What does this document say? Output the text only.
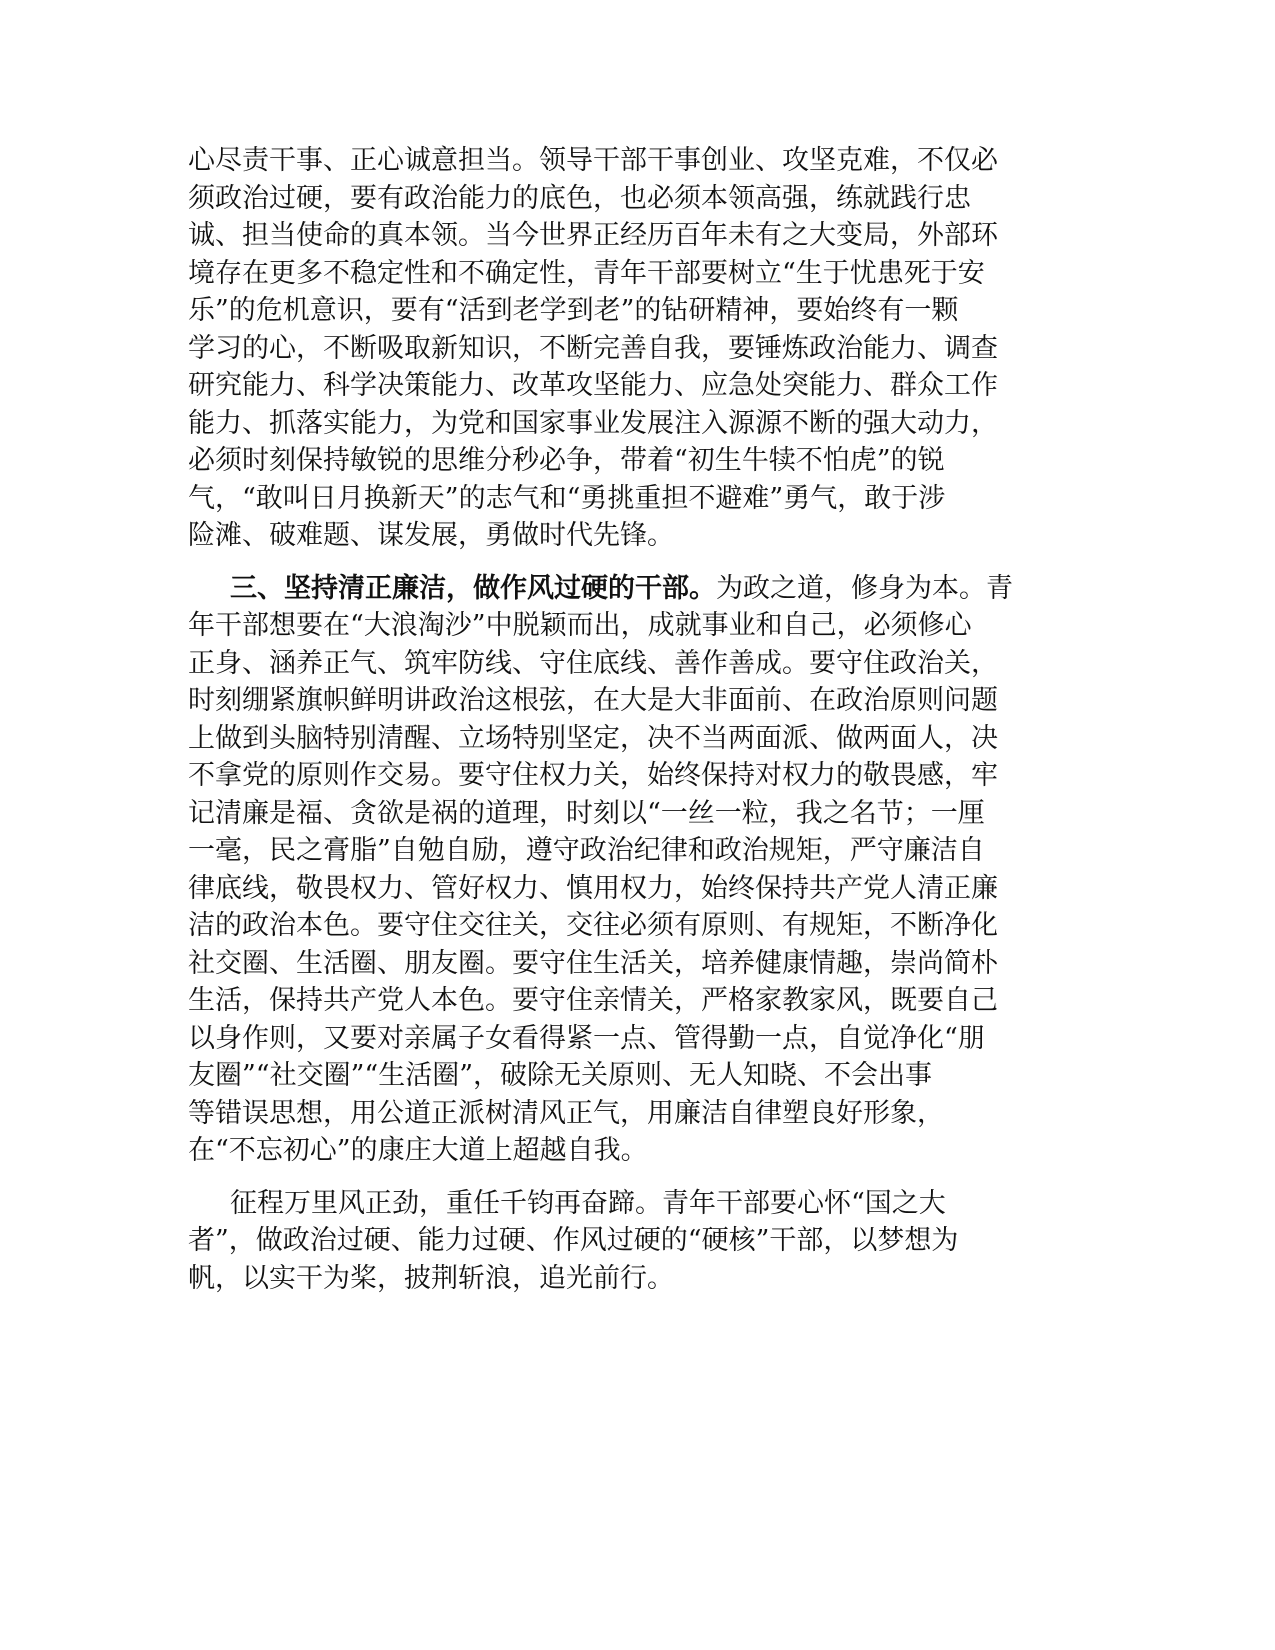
心尽责干事、正心诚意担当。领导干部干事创业、攻坚克难，不仅必
须政治过硬，要有政治能力的底色，也必须本领高强，练就践行忠
诚、担当使命的真本领。当今世界正经历百年未有之大变局，外部环
境存在更多不稳定性和不确定性，青年干部要树立“生于忧患死于安
乐”的危机意识，要有“活到老学到老”的钻研精神，要始终有一颗
学习的心，不断吸取新知识，不断完善自我，要锤炼政治能力、调查
研究能力、科学决策能力、改革攻坚能力、应急处突能力、群众工作
能力、抓落实能力，为党和国家事业发展注入源源不断的强大动力，
必须时刻保持敏锐的思维分秒必争，带着“初生牛犊不怕虎”的锐
气，“敢叫日月换新天”的志气和“勇挑重担不避难”勇气，敢于涉
险滩、破难题、谋发展，勇做时代先锋。

三、坚持清正廉洁，做作风过硬的干部。为政之道，修身为本。青
年干部想要在“大浪淘沙”中脱颖而出，成就事业和自己，必须修心
正身、涵养正气、筑牢防线、守住底线、善作善成。要守住政治关，
时刻绷紧旗帜鲜明讲政治这根弦，在大是大非面前、在政治原则问题
上做到头脑特别清醒、立场特别坚定，决不当两面派、做两面人，决
不拿党的原则作交易。要守住权力关，始终保持对权力的敬畏感，牢
记清廉是福、贪欲是祸的道理，时刻以“一丝一粒，我之名节；一厘
一毫，民之膏脂”自勉自励，遵守政治纪律和政治规矩，严守廉洁自
律底线，敬畏权力、管好权力、慎用权力，始终保持共产党人清正廉
洁的政治本色。要守住交往关，交往必须有原则、有规矩，不断净化
社交圈、生活圈、朋友圈。要守住生活关，培养健康情趣，崇尚简朴
生活，保持共产党人本色。要守住亲情关，严格家教家风，既要自己
以身作则，又要对亲属子女看得紧一点、管得勤一点，自觉净化“朋
友圈”“社交圈”“生活圈”，破除无关原则、无人知晓、不会出事
等错误思想，用公道正派树清风正气，用廉洁自律塑良好形象，
在“不忘初心”的康庄大道上超越自我。

征程万里风正劲，重任千钧再奋蹄。青年干部要心怀“国之大
者”，做政治过硬、能力过硬、作风过硬的“硬核”干部，以梦想为
帆，以实干为桨，披荆斩浪，追光前行。
